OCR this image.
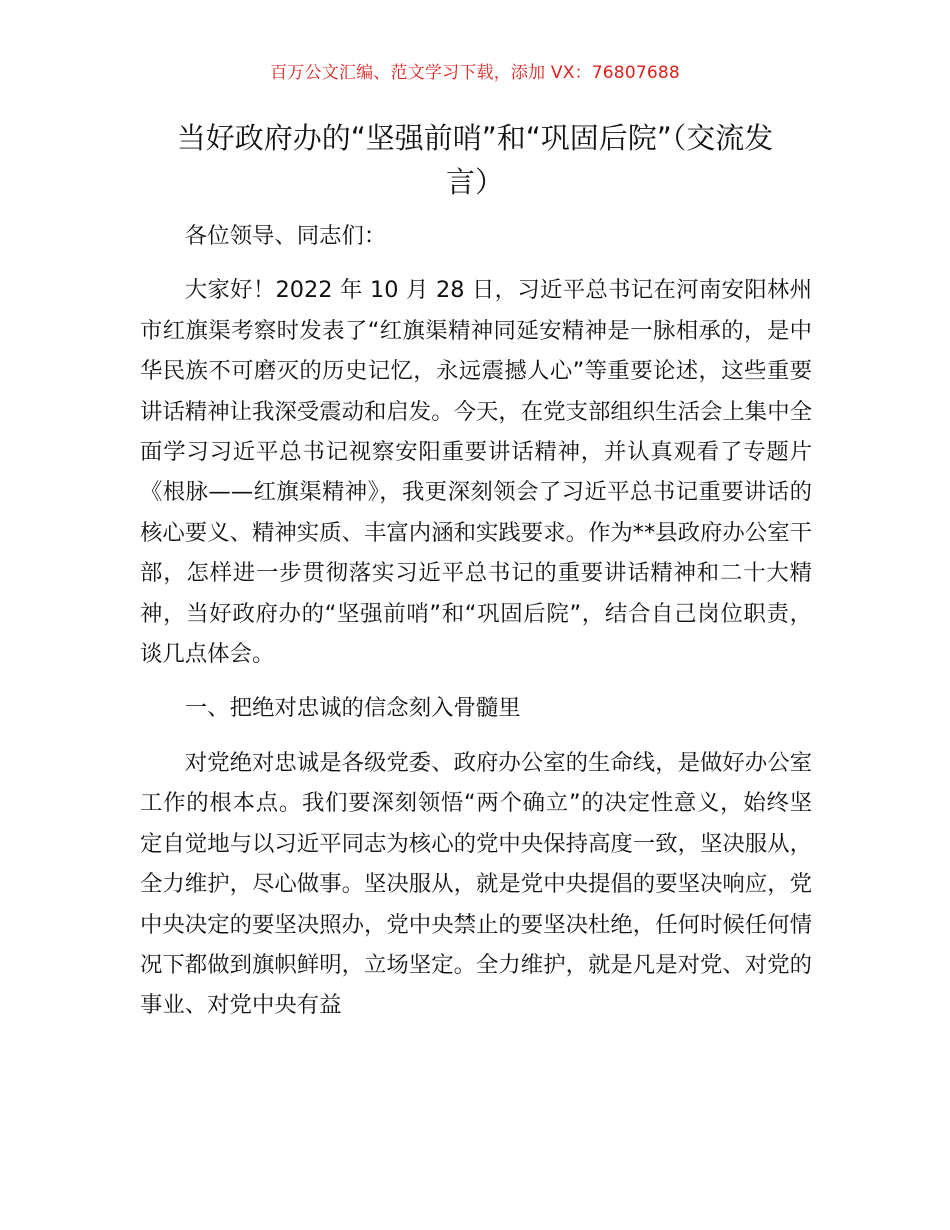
百万公文汇编、范文学习下载，添加 VX：76807688
当好政府办的“坚强前哨”和“巩固后院”（交流发言）

各位领导、同志们：

大家好！2022 年 10 月 28 日，习近平总书记在河南安阳林州市红旗渠考察时发表了“红旗渠精神同延安精神是一脉相承的，是中华民族不可磨灭的历史记忆，永远震撼人心”等重要论述，这些重要讲话精神让我深受震动和启发。今天，在党支部组织生活会上集中全面学习习近平总书记视察安阳重要讲话精神，并认真观看了专题片《根脉——红旗渠精神》，我更深刻领会了习近平总书记重要讲话的核心要义、精神实质、丰富内涵和实践要求。作为**县政府办公室干部，怎样进一步贯彻落实习近平总书记的重要讲话精神和二十大精神，当好政府办的“坚强前哨”和“巩固后院”，结合自己岗位职责，谈几点体会。

一、把绝对忠诚的信念刻入骨髓里

对党绝对忠诚是各级党委、政府办公室的生命线，是做好办公室工作的根本点。我们要深刻领悟“两个确立”的决定性意义，始终坚定自觉地与以习近平同志为核心的党中央保持高度一致，坚决服从，全力维护，尽心做事。坚决服从，就是党中央提倡的要坚决响应，党中央决定的要坚决照办，党中央禁止的要坚决杜绝，任何时候任何情况下都做到旗帜鲜明，立场坚定。全力维护，就是凡是对党、对党的事业、对党中央有益
